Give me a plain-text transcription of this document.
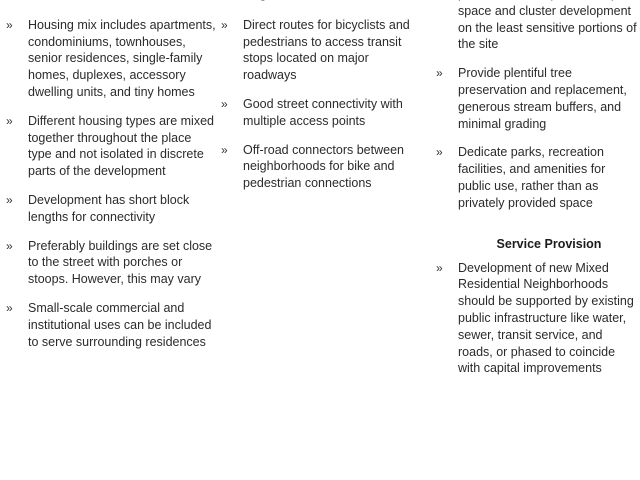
»	Housing mix includes apartments, condominiums, townhouses, senior residences, single-family homes, duplexes, accessory dwelling units, and tiny homes
»	Different housing types are mixed together throughout the place type and not isolated in discrete parts of the development
»	Development has short block lengths for connectivity
»	Preferably buildings are set close to the street with porches or stoops. However, this may vary
»	Small-scale commercial and institutional uses can be included to serve surrounding residences
»	Direct routes for bicyclists and pedestrians to access transit stops located on major roadways
»	Good street connectivity with multiple access points
»	Off-road connectors between neighborhoods for bike and pedestrian connections
space and cluster development on the least sensitive portions of the site
»	Provide plentiful tree preservation and replacement, generous stream buffers, and minimal grading
»	Dedicate parks, recreation facilities, and amenities for public use, rather than as privately provided space
Service Provision
»	Development of new Mixed Residential Neighborhoods should be supported by existing public infrastructure like water, sewer, transit service, and roads, or phased to coincide with capital improvements
